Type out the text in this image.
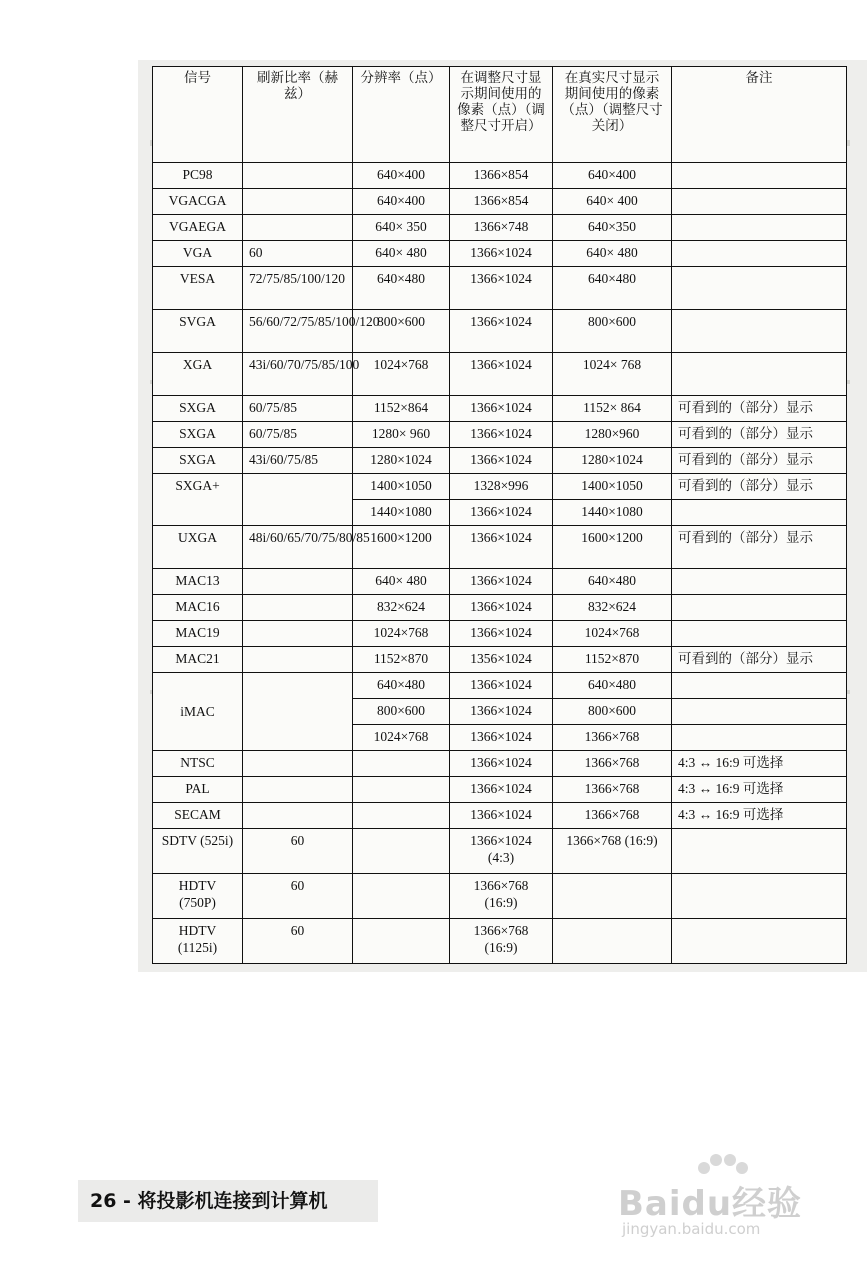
信号	刷新比率（赫兹）	分辨率（点）	在调整尺寸显示期间使用的像素（点）（调整尺寸开启）	在真实尺寸显示期间使用的像素（点）（调整尺寸关闭）	备注
PC98		640×400	1366×854	640×400	
VGACGA		640×400	1366×854	640× 400	
VGAEGA		640× 350	1366×748	640×350	
VGA	60	640× 480	1366×1024	640× 480	
VESA	72/75/85/100/120	640×480	1366×1024	640×480	
SVGA	56/60/72/75/85/100/120	800×600	1366×1024	800×600	
XGA	43i/60/70/75/85/100	1024×768	1366×1024	1024× 768	
SXGA	60/75/85	1152×864	1366×1024	1152× 864	可看到的（部分）显示
SXGA	60/75/85	1280× 960	1366×1024	1280×960	可看到的（部分）显示
SXGA	43i/60/75/85	1280×1024	1366×1024	1280×1024	可看到的（部分）显示
SXGA+		1400×1050	1328×996	1400×1050	可看到的（部分）显示
		1440×1080	1366×1024	1440×1080	
UXGA	48i/60/65/70/75/80/85	1600×1200	1366×1024	1600×1200	可看到的（部分）显示
MAC13		640× 480	1366×1024	640×480	
MAC16		832×624	1366×1024	832×624	
MAC19		1024×768	1366×1024	1024×768	
MAC21		1152×870	1356×1024	1152×870	可看到的（部分）显示
iMAC		640×480	1366×1024	640×480	
		800×600	1366×1024	800×600	
		1024×768	1366×1024	1366×768	
NTSC			1366×1024	1366×768	4:3 ↔ 16:9 可选择
PAL			1366×1024	1366×768	4:3 ↔ 16:9 可选择
SECAM			1366×1024	1366×768	4:3 ↔ 16:9 可选择
SDTV (525i)	60		1366×1024 (4:3)	1366×768 (16:9)	
HDTV (750P)	60		1366×768 (16:9)		
HDTV (1125i)	60		1366×768 (16:9)		
26 - 将投影机连接到计算机	Baidu经验
jingyan.baidu.com
